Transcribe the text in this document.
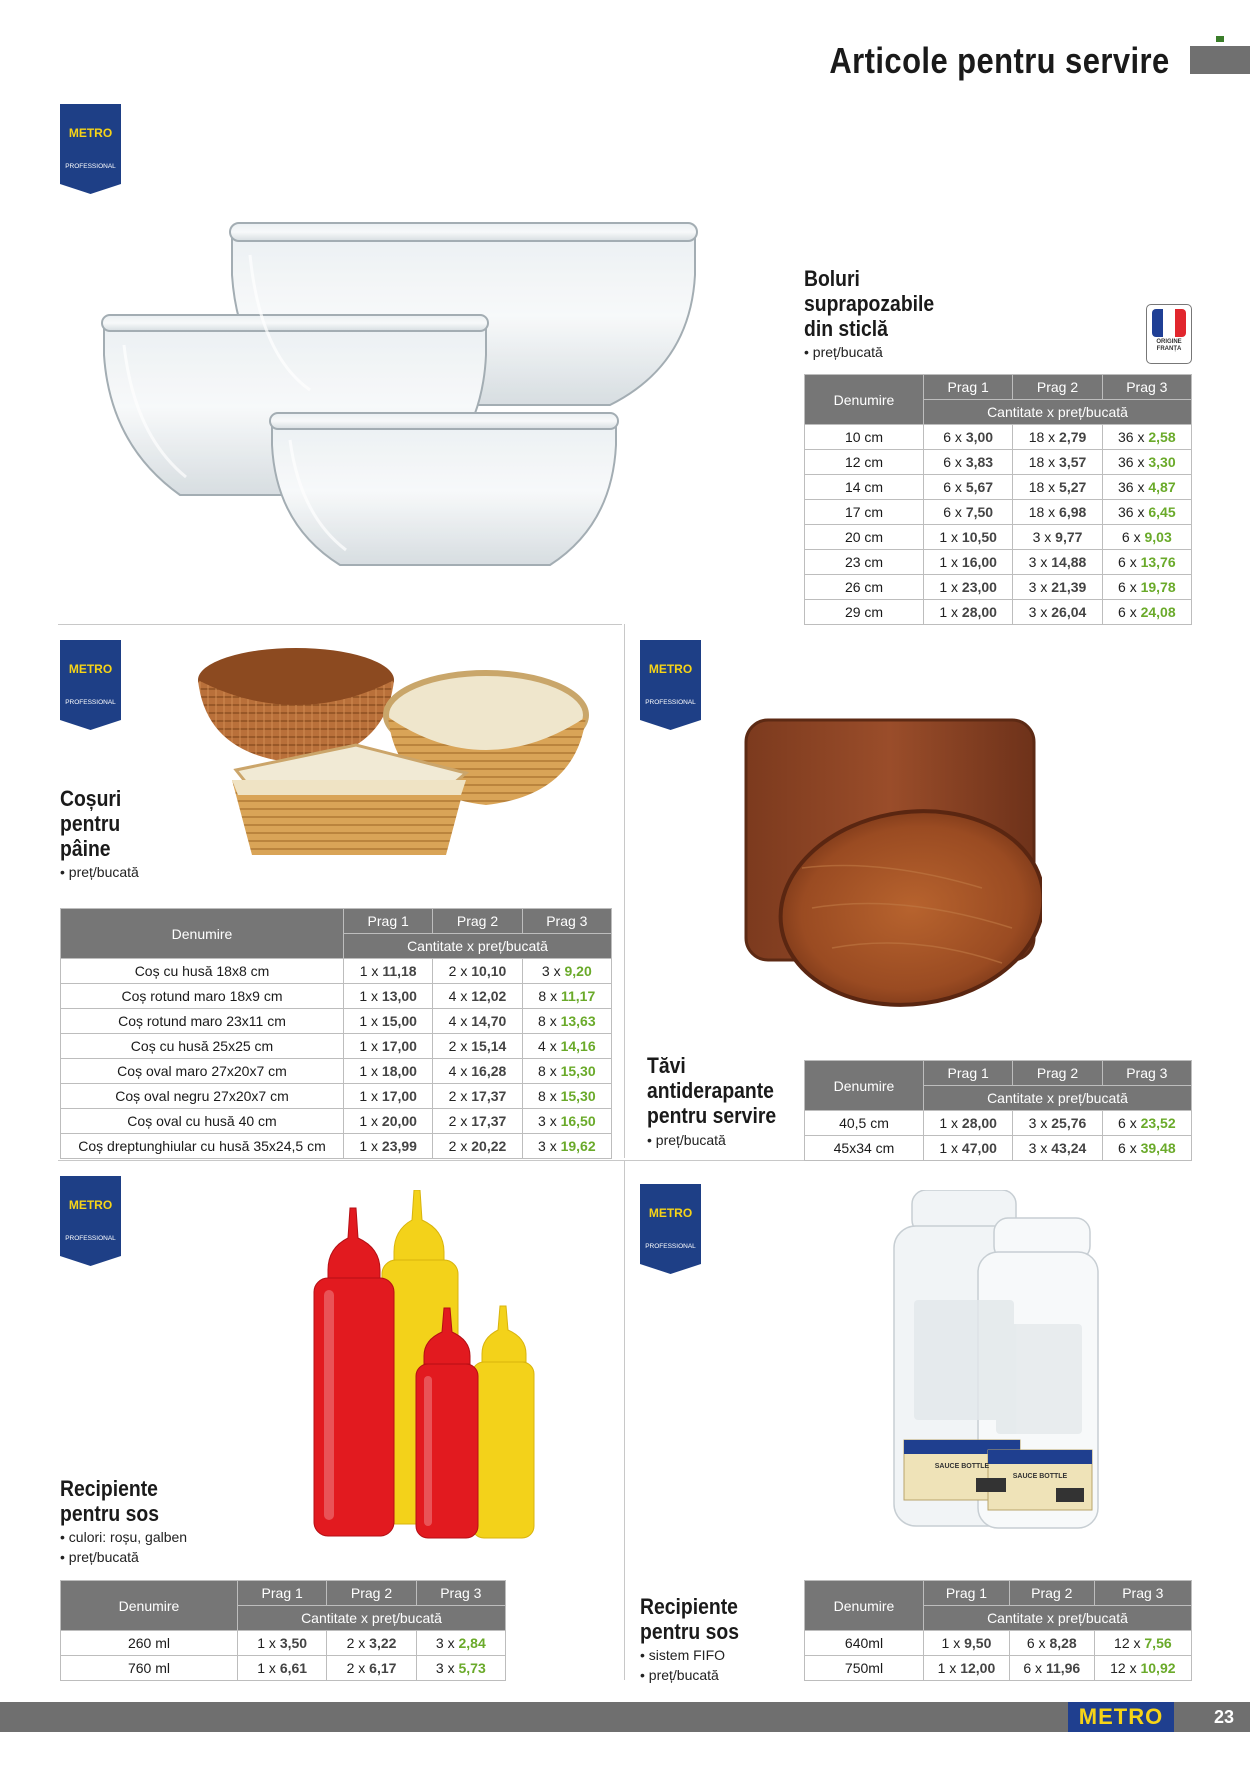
Articole pentru servire
METRO
PROFESSIONAL
METRO
PROFESSIONAL
METRO
PROFESSIONAL
METRO
PROFESSIONAL
METRO
PROFESSIONAL
Boluri
suprapozabile
din sticlă
• preț/bucată
ORIGINE
FRANȚA
Denumire	Prag 1	Prag 2	Prag 3
	Cantitate x preț/bucată		
10 cm	6 x 3,00	18 x 2,79	36 x 2,58
12 cm	6 x 3,83	18 x 3,57	36 x 3,30
14 cm	6 x 5,67	18 x 5,27	36 x 4,87
17 cm	6 x 7,50	18 x 6,98	36 x 6,45
20 cm	1 x 10,50	3 x 9,77	6 x 9,03
23 cm	1 x 16,00	3 x 14,88	6 x 13,76
26 cm	1 x 23,00	3 x 21,39	6 x 19,78
29 cm	1 x 28,00	3 x 26,04	6 x 24,08
Coșuri
pentru
pâine
• preț/bucată
Denumire	Prag 1	Prag 2	Prag 3
	Cantitate x preț/bucată		
Coș cu husă 18x8 cm	1 x 11,18	2 x 10,10	3 x 9,20
Coș rotund maro 18x9 cm	1 x 13,00	4 x 12,02	8 x 11,17
Coș rotund maro 23x11 cm	1 x 15,00	4 x 14,70	8 x 13,63
Coș cu husă 25x25 cm	1 x 17,00	2 x 15,14	4 x 14,16
Coș oval maro 27x20x7 cm	1 x 18,00	4 x 16,28	8 x 15,30
Coș oval negru 27x20x7 cm	1 x 17,00	2 x 17,37	8 x 15,30
Coș oval cu husă 40 cm	1 x 20,00	2 x 17,37	3 x 16,50
Coș dreptunghiular cu husă 35x24,5 cm	1 x 23,99	2 x 20,22	3 x 19,62
Tăvi
antiderapante
pentru servire
• preț/bucată
Denumire	Prag 1	Prag 2	Prag 3
	Cantitate x preț/bucată		
40,5 cm	1 x 28,00	3 x 25,76	6 x 23,52
45x34 cm	1 x 47,00	3 x 43,24	6 x 39,48
Recipiente
pentru sos
• culori: roșu, galben
• preț/bucată
Denumire	Prag 1	Prag 2	Prag 3
	Cantitate x preț/bucată		
260 ml	1 x 3,50	2 x 3,22	3 x 2,84
760 ml	1 x 6,61	2 x 6,17	3 x 5,73
SAUCE BOTTLE
SAUCE BOTTLE
Recipiente
pentru sos
• sistem FIFO
• preț/bucată
Denumire	Prag 1	Prag 2	Prag 3
	Cantitate x preț/bucată		
640ml	1 x 9,50	6 x 8,28	12 x 7,56
750ml	1 x 12,00	6 x 11,96	12 x 10,92
METRO	23
